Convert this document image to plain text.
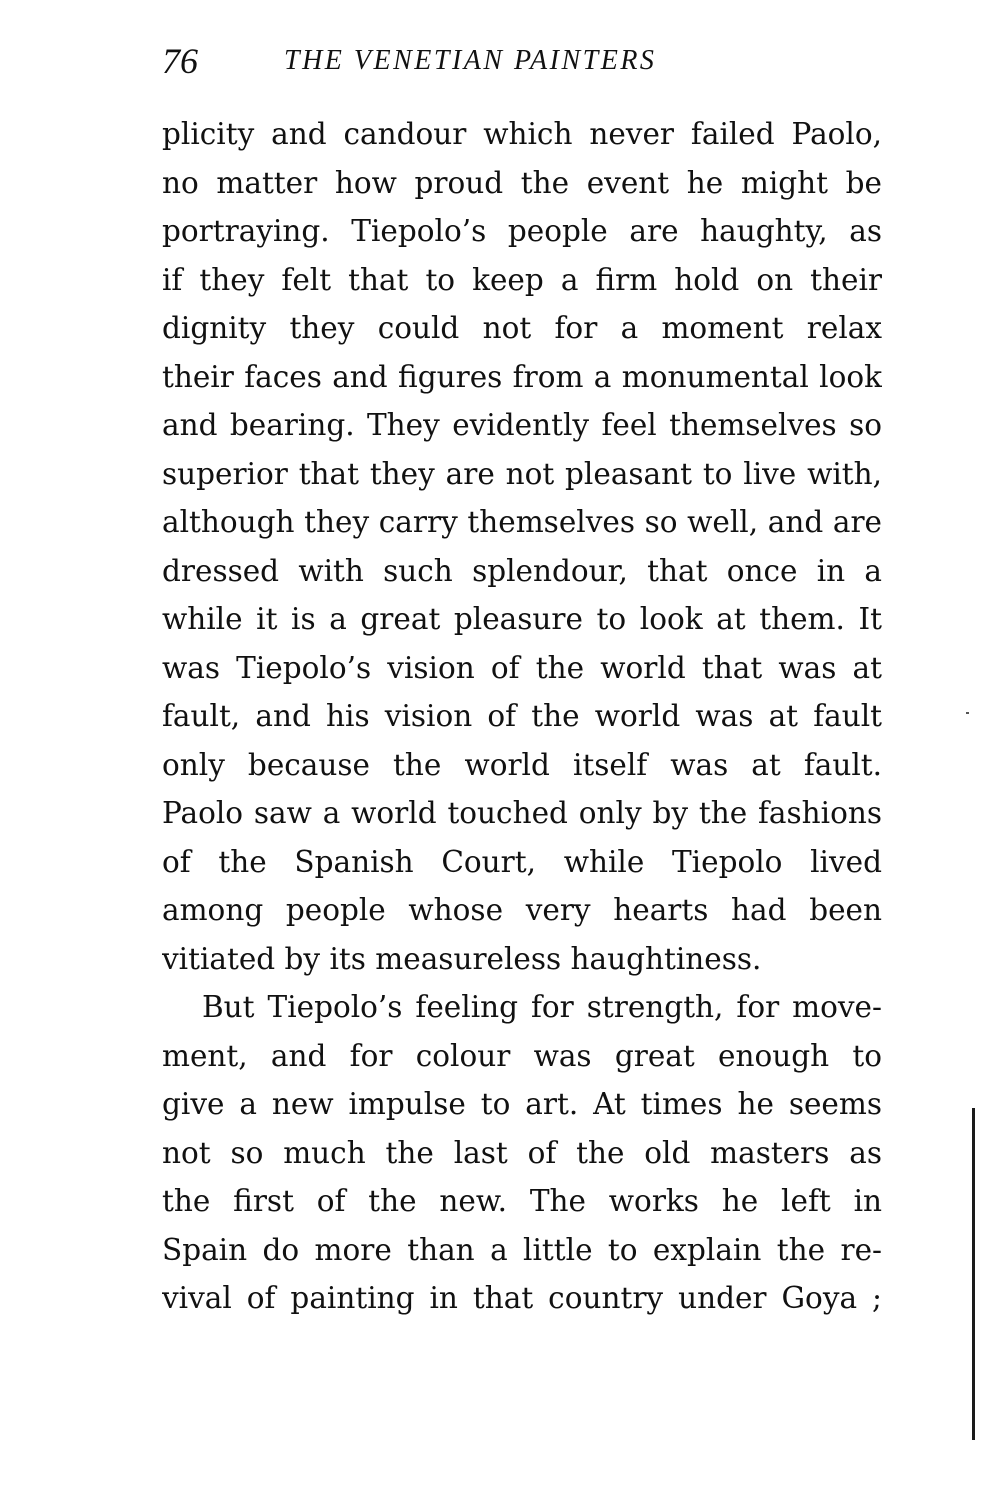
76	THE VENETIAN PAINTERS
plicity and candour which never failed Paolo,
no matter how proud the event he might be
portraying. Tiepolo’s people are haughty, as
if they felt that to keep a firm hold on their
dignity they could not for a moment relax
their faces and figures from a monumental look
and bearing. They evidently feel themselves so
superior that they are not pleasant to live with,
although they carry themselves so well, and are
dressed with such splendour, that once in a
while it is a great pleasure to look at them. It
was Tiepolo’s vision of the world that was at
fault, and his vision of the world was at fault
only because the world itself was at fault.
Paolo saw a world touched only by the fashions
of the Spanish Court, while Tiepolo lived
among people whose very hearts had been
vitiated by its measureless haughtiness.
But Tiepolo’s feeling for strength, for move-
ment, and for colour was great enough to
give a new impulse to art. At times he seems
not so much the last of the old masters as
the first of the new. The works he left in
Spain do more than a little to explain the re-
vival of painting in that country under Goya ;
